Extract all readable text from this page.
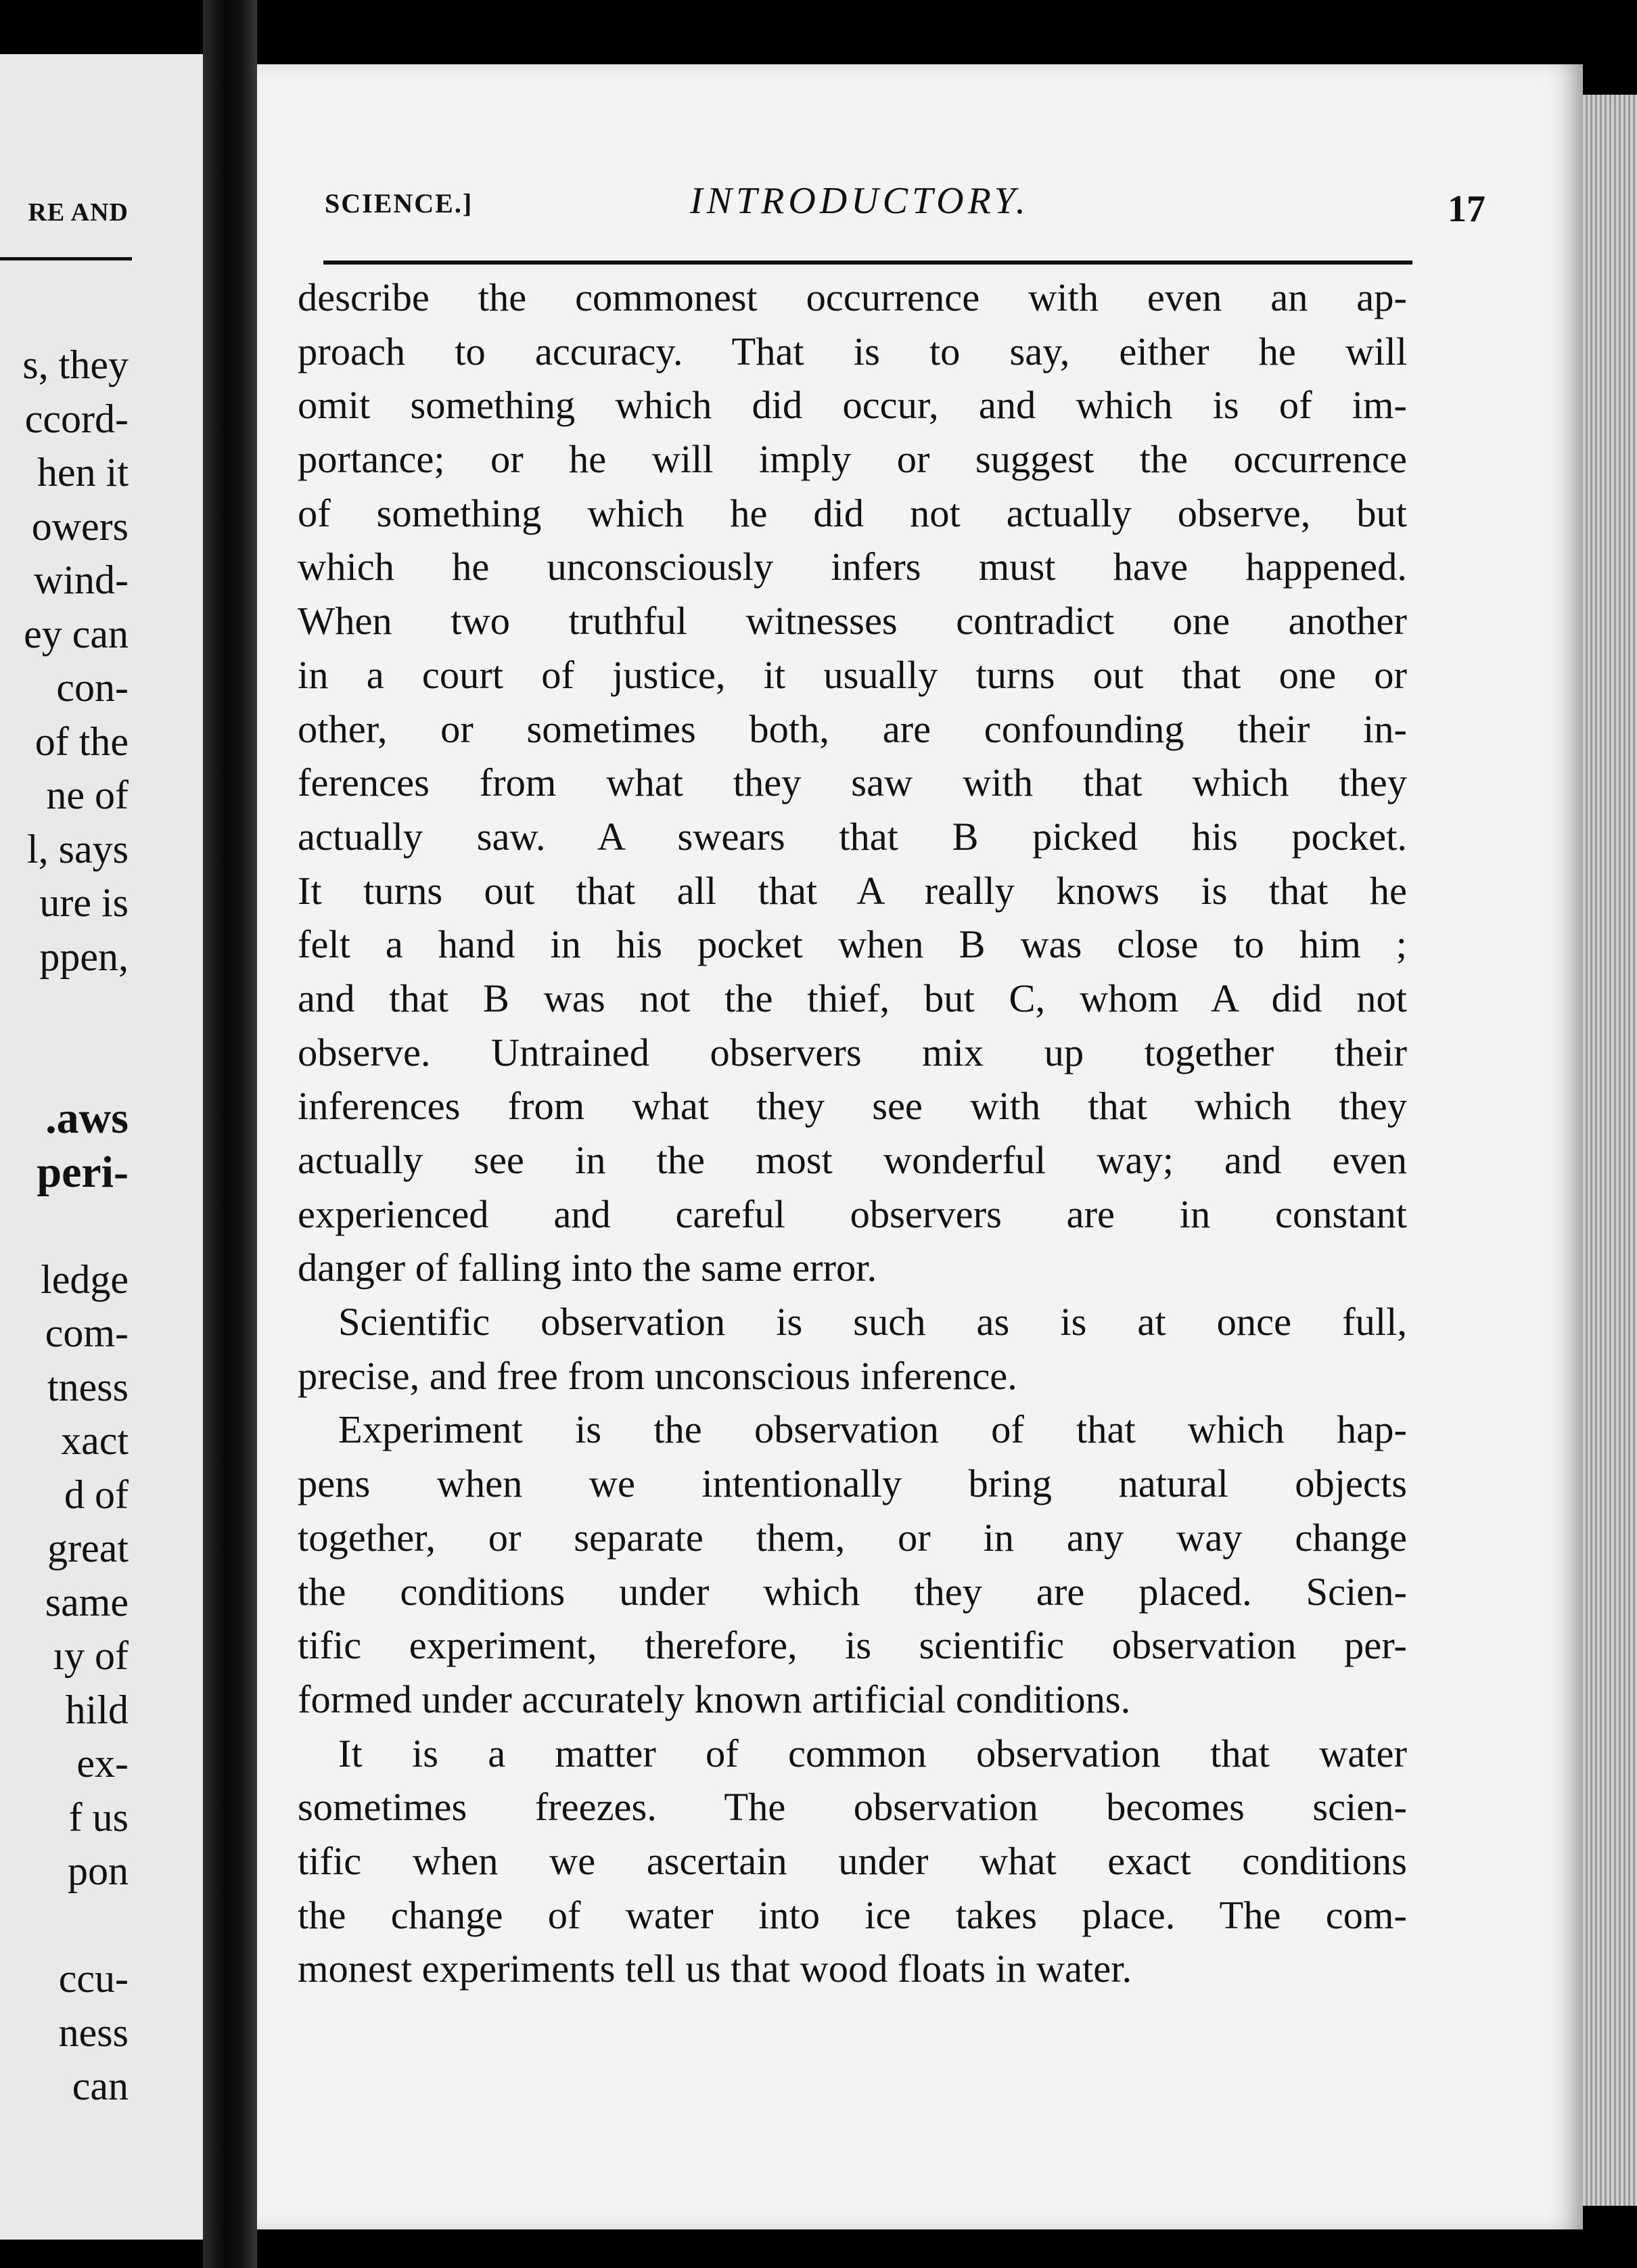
RE AND
s, they
ccord-
hen it
owers
wind-
ey can
con-
of the
ne of
l, says
ure is
ppen,
.aws
peri-
ledge
com-
tness
xact
d of
great
same
ıy of
hild
ex-
f us
pon
ccu-
ness
can
SCIENCE.]	INTRODUCTORY.	17
describe the commonest occurrence with even an ap-
proach to accuracy. That is to say, either he will
omit something which did occur, and which is of im-
portance; or he will imply or suggest the occurrence
of something which he did not actually observe, but
which he unconsciously infers must have happened.
When two truthful witnesses contradict one another
in a court of justice, it usually turns out that one or
other, or sometimes both, are confounding their in-
ferences from what they saw with that which they
actually saw. A swears that B picked his pocket.
It turns out that all that A really knows is that he
felt a hand in his pocket when B was close to him ;
and that B was not the thief, but C, whom A did not
observe. Untrained observers mix up together their
inferences from what they see with that which they
actually see in the most wonderful way; and even
experienced and careful observers are in constant
danger of falling into the same error.
Scientific observation is such as is at once full,
precise, and free from unconscious inference.
Experiment is the observation of that which hap-
pens when we intentionally bring natural objects
together, or separate them, or in any way change
the conditions under which they are placed. Scien-
tific experiment, therefore, is scientific observation per-
formed under accurately known artificial conditions.
It is a matter of common observation that water
sometimes freezes. The observation becomes scien-
tific when we ascertain under what exact conditions
the change of water into ice takes place. The com-
monest experiments tell us that wood floats in water.
